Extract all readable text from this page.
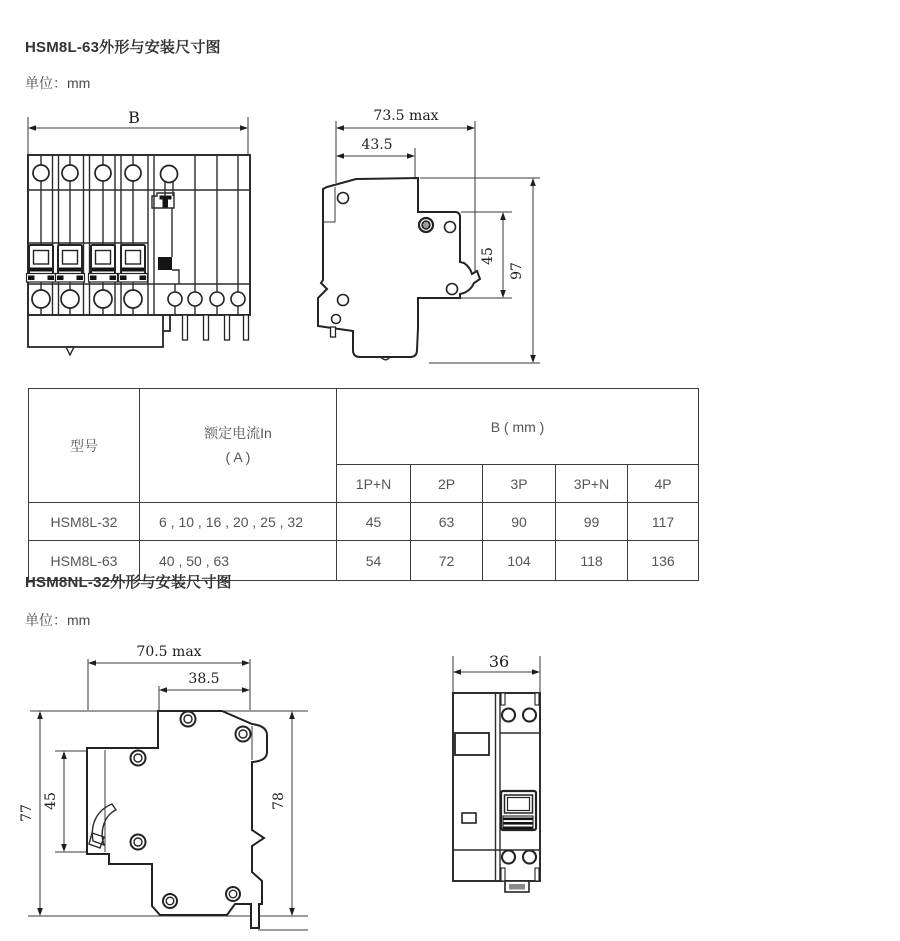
HSM8L-63外形与安装尺寸图
单位：mm
B	73.5 max
43.5
97
45
型号	额定电流In
( A )	B ( mm )				
		1P+N	2P	3P	3P+N	4P
HSM8L-32	6 , 10 , 16 , 20 , 25 , 32	45	63	90	99	117
HSM8L-63	40 , 50 , 63	54	72	104	118	136
HSM8NL-32外形与安装尺寸图
单位：mm
70.5 max
38.5
77
45	78
36
